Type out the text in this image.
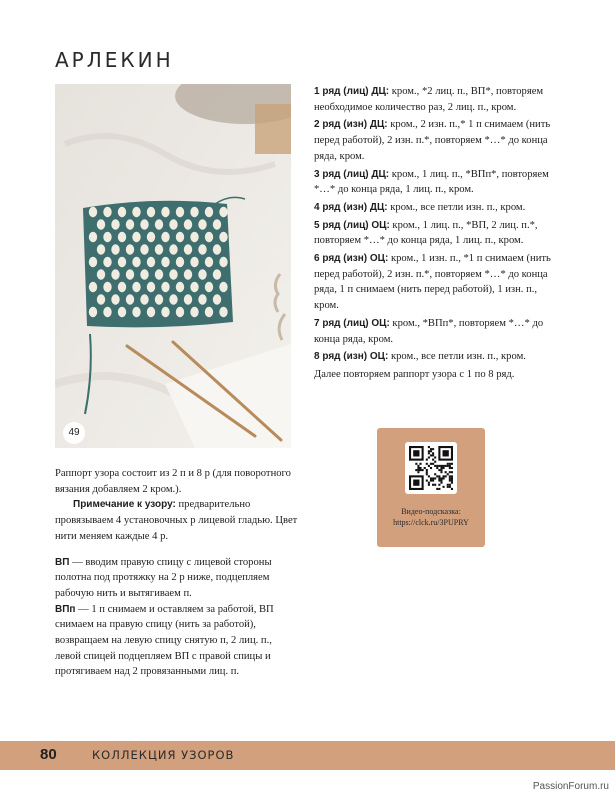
АРЛЕКИН
49

1 ряд (лиц) ДЦ: кром., *2 лиц. п., ВП*, повторяем необходимое количество раз, 2 лиц. п., кром.

2 ряд (изн) ДЦ: кром., 2 изн. п.,* 1 п снимаем (нить перед работой), 2 изн. п.*, повторяем *…* до конца ряда, кром.

3 ряд (лиц) ДЦ: кром., 1 лиц. п., *ВПп*, повторяем *…* до конца ряда, 1 лиц. п., кром.

4 ряд (изн) ДЦ: кром., все петли изн. п., кром.

5 ряд (лиц) ОЦ: кром., 1 лиц. п., *ВП, 2 лиц. п.*, повторяем *…* до конца ряда, 1 лиц. п., кром.

6 ряд (изн) ОЦ: кром., 1 изн. п., *1 п снимаем (нить перед работой), 2 изн. п.*, повторяем *…* до конца ряда, 1 п снимаем (нить перед работой), 1 изн. п., кром.

7 ряд (лиц) ОЦ: кром., *ВПп*, повторяем *…* до конца ряда, кром.

8 ряд (изн) ОЦ: кром., все петли изн. п., кром.

Далее повторяем раппорт узора с 1 по 8 ряд.

Раппорт узора состоит из 2 п и 8 р (для поворотного вязания добавляем 2 кром.).

Примечание к узору: предварительно провязываем 4 установочных р лицевой гладью. Цвет нити меняем каждые 4 р.

ВП — вводим правую спицу с лицевой стороны полотна под протяжку на 2 р ниже, подцепляем рабочую нить и вытягиваем п.

ВПп — 1 п снимаем и оставляем за работой, ВП снимаем на правую спицу (нить за работой), возвращаем на левую спицу снятую п, 2 лиц. п., левой спицей подцепляем ВП с правой спицы и протягиваем над 2 провязанными лиц. п.

Видео-подсказка:
https://clck.ru/3PUPRY
80	КОЛЛЕКЦИЯ УЗОРОВ
PassionForum.ru
